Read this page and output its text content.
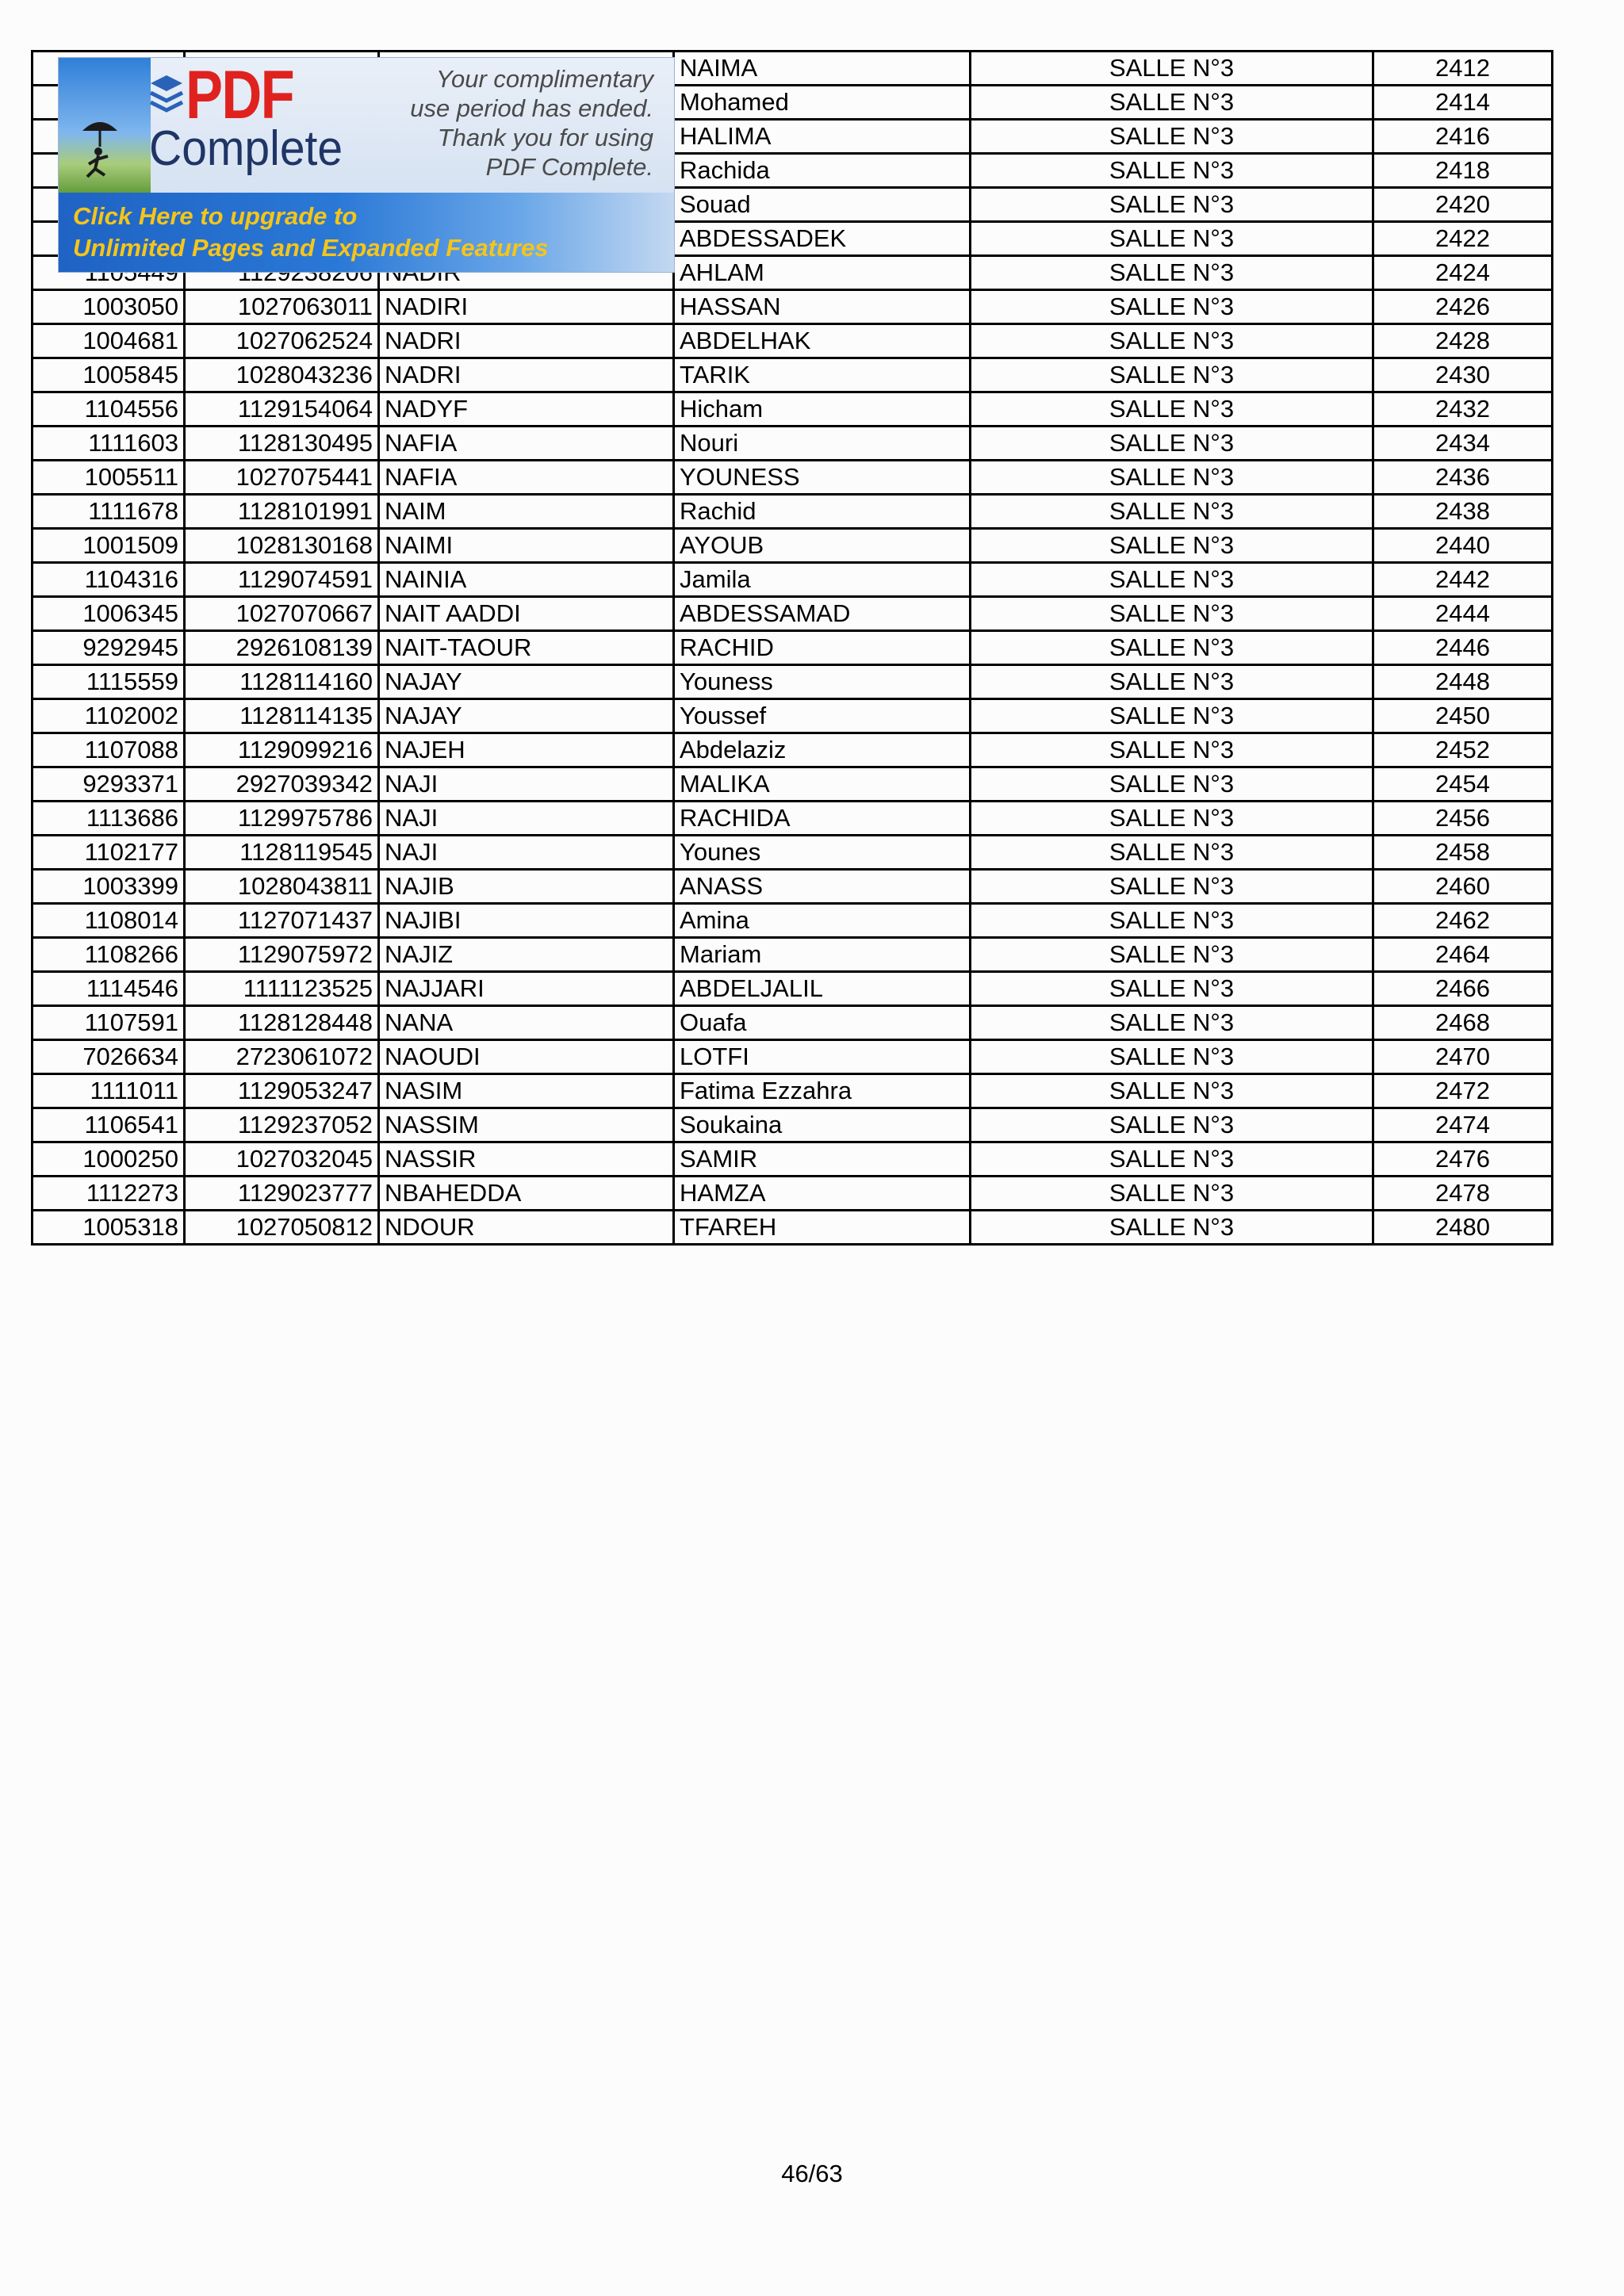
			NAIMA	SALLE N°3	2412
			Mohamed	SALLE N°3	2414
			HALIMA	SALLE N°3	2416
			Rachida	SALLE N°3	2418
			Souad	SALLE N°3	2420
			ABDESSADEK	SALLE N°3	2422
			AHLAM	SALLE N°3	2424
1003050	1027063011	NADIRI	HASSAN	SALLE N°3	2426
1004681	1027062524	NADRI	ABDELHAK	SALLE N°3	2428
1005845	1028043236	NADRI	TARIK	SALLE N°3	2430
1104556	1129154064	NADYF	Hicham	SALLE N°3	2432
1111603	1128130495	NAFIA	Nouri	SALLE N°3	2434
1005511	1027075441	NAFIA	YOUNESS	SALLE N°3	2436
1111678	1128101991	NAIM	Rachid	SALLE N°3	2438
1001509	1028130168	NAIMI	AYOUB	SALLE N°3	2440
1104316	1129074591	NAINIA	Jamila	SALLE N°3	2442
1006345	1027070667	NAIT AADDI	ABDESSAMAD	SALLE N°3	2444
9292945	2926108139	NAIT-TAOUR	RACHID	SALLE N°3	2446
1115559	1128114160	NAJAY	Youness	SALLE N°3	2448
1102002	1128114135	NAJAY	Youssef	SALLE N°3	2450
1107088	1129099216	NAJEH	Abdelaziz	SALLE N°3	2452
9293371	2927039342	NAJI	MALIKA	SALLE N°3	2454
1113686	1129975786	NAJI	RACHIDA	SALLE N°3	2456
1102177	1128119545	NAJI	Younes	SALLE N°3	2458
1003399	1028043811	NAJIB	ANASS	SALLE N°3	2460
1108014	1127071437	NAJIBI	Amina	SALLE N°3	2462
1108266	1129075972	NAJIZ	Mariam	SALLE N°3	2464
1114546	1111123525	NAJJARI	ABDELJALIL	SALLE N°3	2466
1107591	1128128448	NANA	Ouafa	SALLE N°3	2468
7026634	2723061072	NAOUDI	LOTFI	SALLE N°3	2470
1111011	1129053247	NASIM	Fatima Ezzahra	SALLE N°3	2472
1106541	1129237052	NASSIM	Soukaina	SALLE N°3	2474
1000250	1027032045	NASSIR	SAMIR	SALLE N°3	2476
1112273	1129023777	NBAHEDDA	HAMZA	SALLE N°3	2478
1005318	1027050812	NDOUR	TFAREH	SALLE N°3	2480
PDF
Complete
Your complimentary
use period has ended.
Thank you for using
PDF Complete.
Click Here to upgrade to
Unlimited Pages and Expanded Features
46/63
